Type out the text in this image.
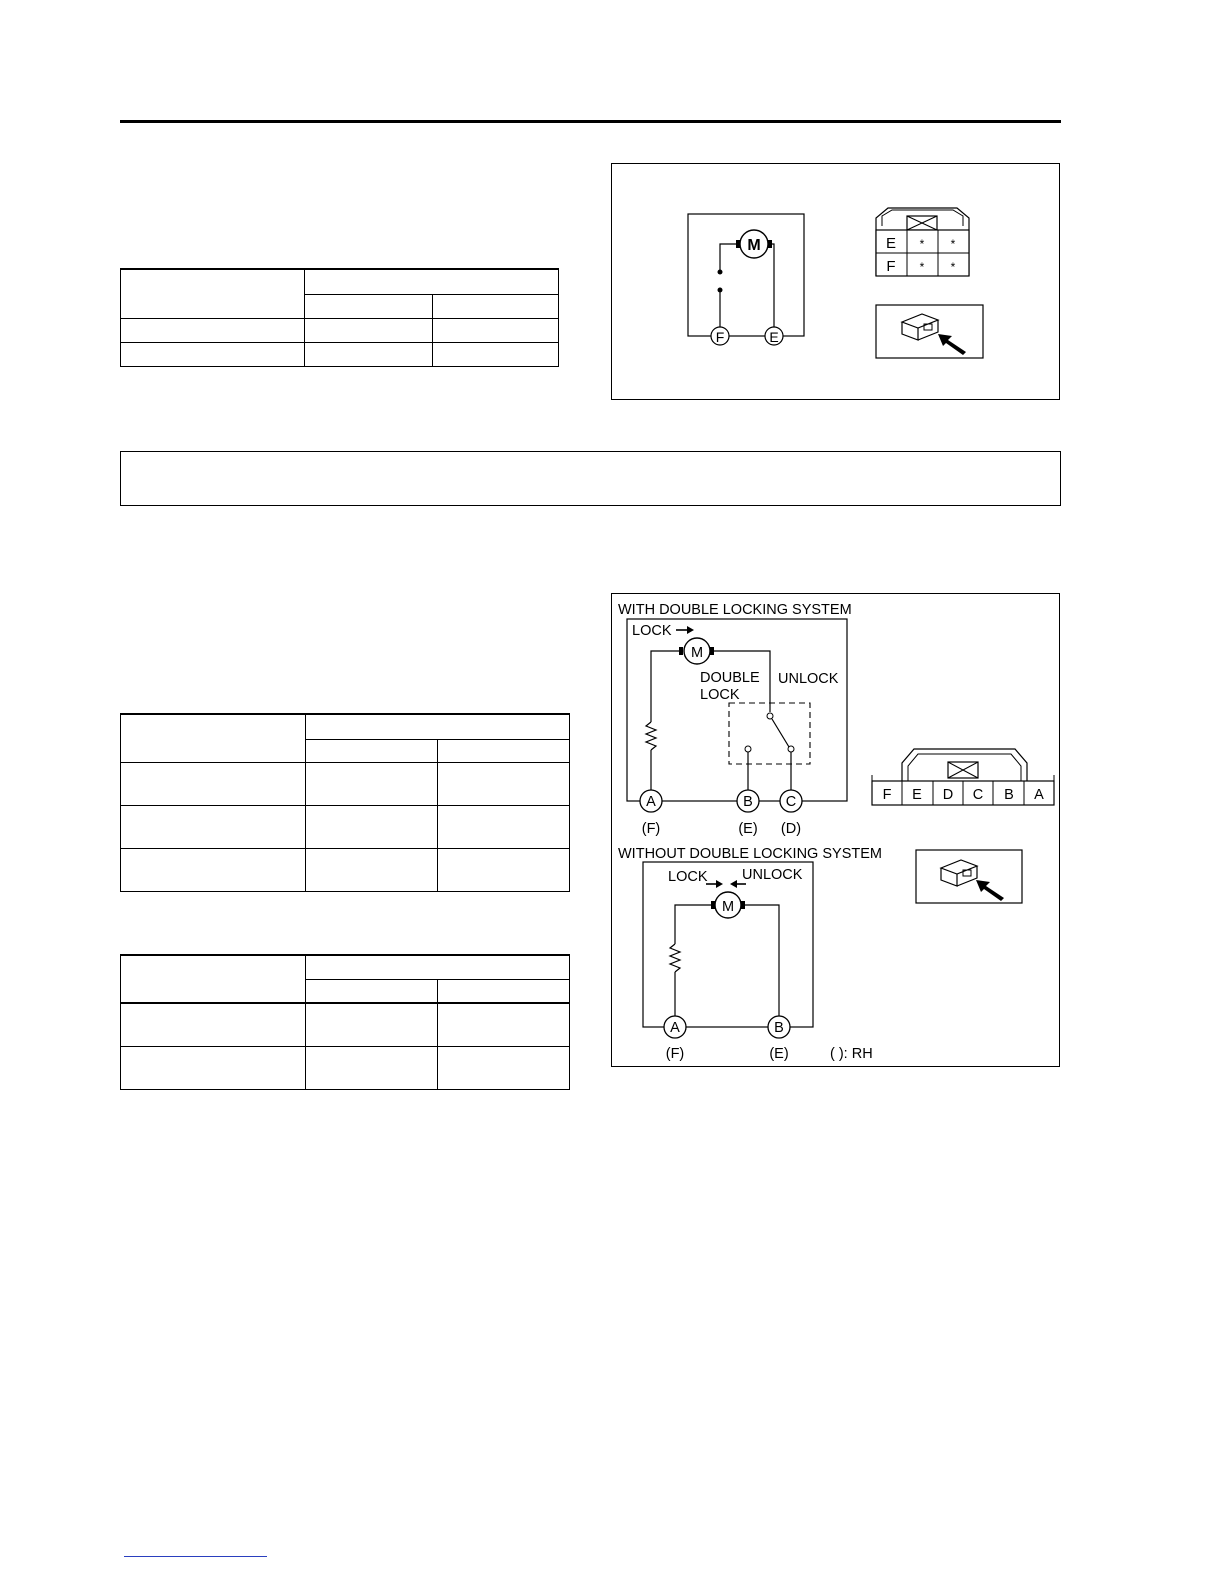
M
F	E
E * *
F * *

WITH DOUBLE LOCKING SYSTEM
LOCK
M
DOUBLE
LOCK
UNLOCK
A	B C
(F)	(E) (D)
F E D C B A
WITHOUT DOUBLE LOCKING SYSTEM
LOCK UNLOCK
M
A	B
(F)	(E)	( ): RH
